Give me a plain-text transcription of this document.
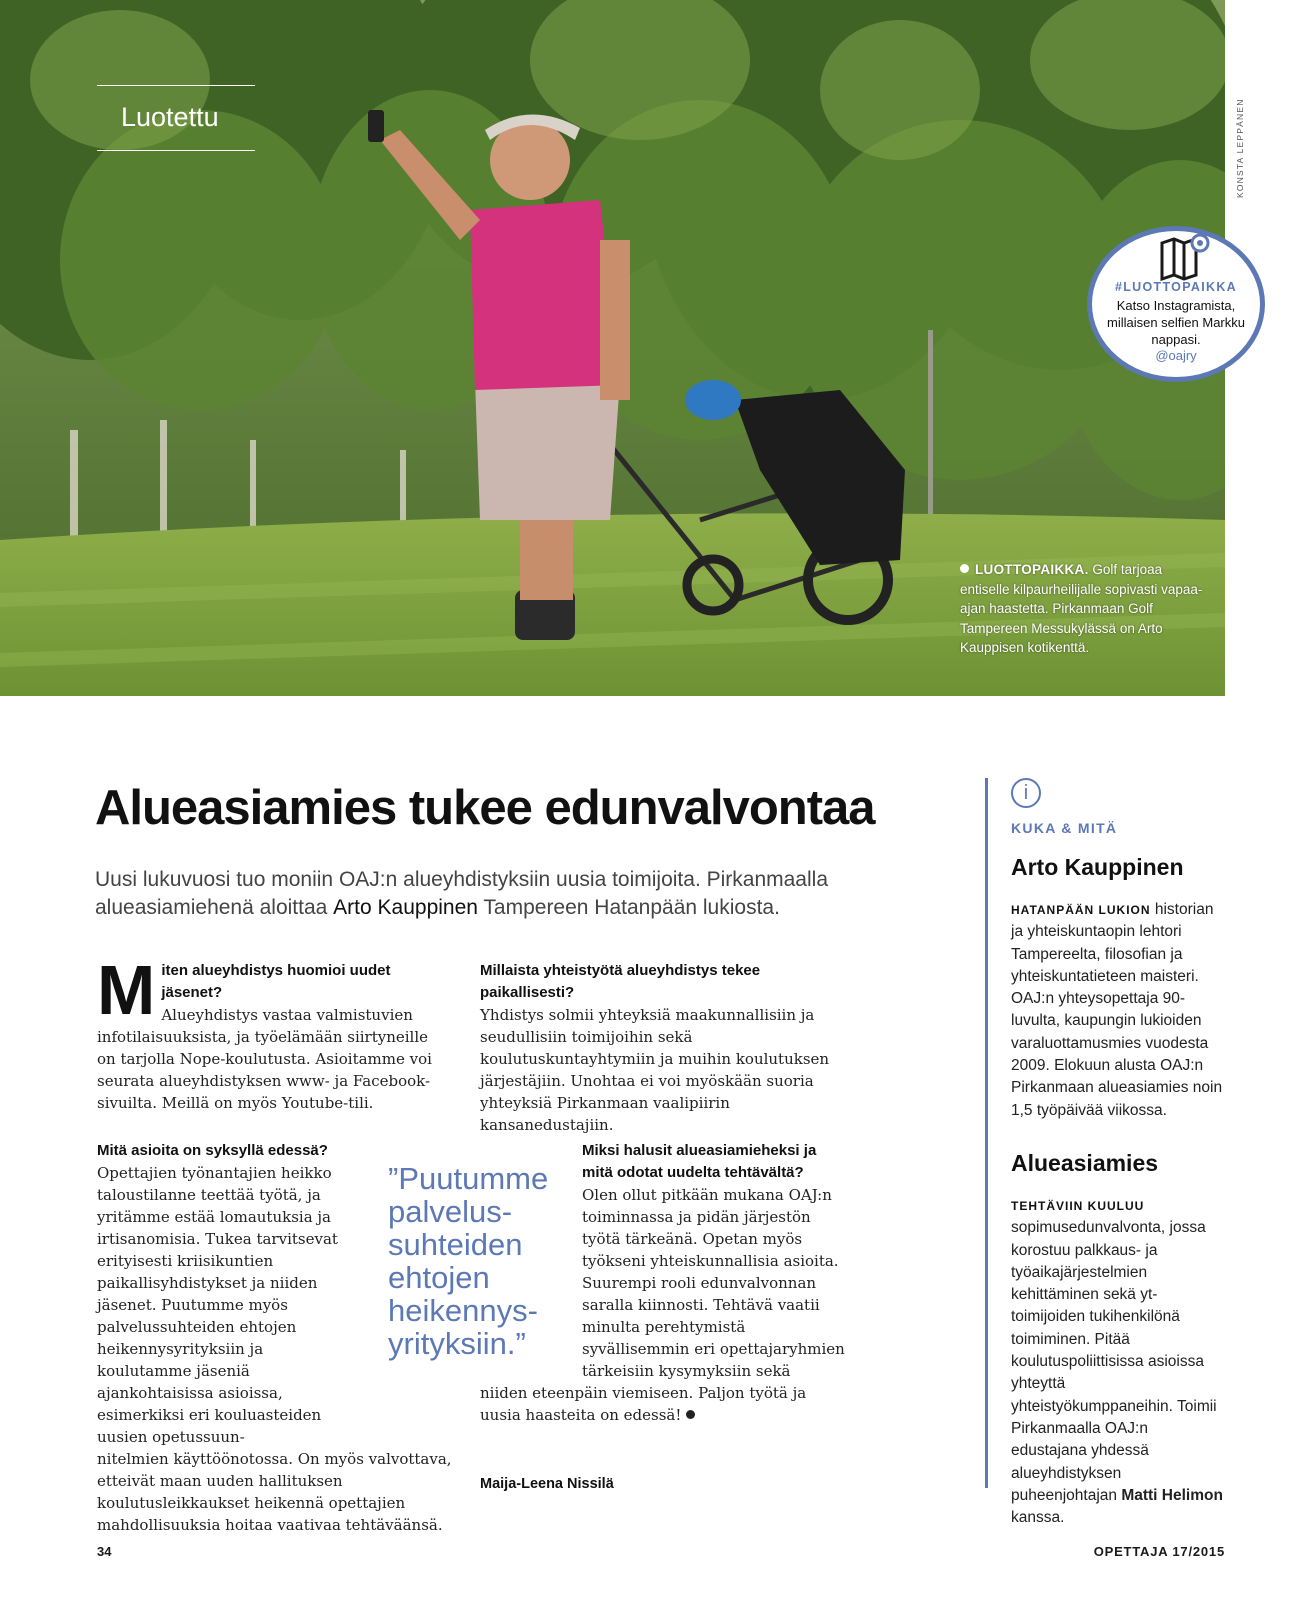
Luotettu
LUOTTOPAIKKA. Golf tarjoaa entiselle kilpaurheilijalle sopivasti vapaa-ajan haastetta. Pirkanmaan Golf Tampereen Messukylässä on Arto Kauppisen kotikenttä.
KONSTA LEPPÄNEN
#LUOTTOPAIKKA
Katso Instagramista, millaisen selfien Markku nappasi.
@oajry
Alueasiamies tukee edunvalvontaa

Uusi lukuvuosi tuo moniin OAJ:n alueyhdistyksiin uusia toimijoita. Pirkanmaalla alueasiamiehenä aloittaa Arto Kauppinen Tampereen Hatanpään lukiosta.

M iten alueyhdistys huomioi uudet jäsenet?
Alueyhdistys vastaa valmistuvien infotilaisuuksista, ja työelämään siirtyneille on tarjolla Nope-koulutusta. Asioitamme voi seurata alueyhdistyksen www- ja Facebook-sivuilta. Meillä on myös Youtube-tili.
Millaista yhteistyötä alueyhdistys tekee paikallisesti?
Yhdistys solmii yhteyksiä maakunnallisiin ja seudullisiin toimijoihin sekä koulutuskuntayhtymiin ja muihin koulutuksen järjestäjiin. Unohtaa ei voi myöskään suoria yhteyksiä Pirkanmaan vaalipiirin kansanedustajiin.
Mitä asioita on syksyllä edessä?
Opettajien työnantajien heikko taloustilanne teettää työtä, ja yritämme estää lomautuksia ja irtisanomisia. Tukea tarvitsevat erityisesti kriisikuntien paikallisyhdistykset ja niiden jäsenet. Puutumme myös palvelussuhteiden ehtojen heikennysyrityksiin ja koulutamme jäseniä ajankohtaisissa asioissa, esimerkiksi eri kouluasteiden uusien opetussuun-
nitelmien käyttöönotossa. On myös valvottava, etteivät maan uuden hallituksen koulutusleikkaukset heikennä opettajien mahdollisuuksia hoitaa vaativaa tehtäväänsä.
”Puutumme palvelus-suhteiden ehtojen heikennys-yrityksiin.”
Miksi halusit alueasiamieheksi ja mitä odotat uudelta tehtävältä?
Olen ollut pitkään mukana OAJ:n toiminnassa ja pidän järjestön työtä tärkeänä. Opetan myös työkseni yhteiskunnallisia asioita. Suurempi rooli edunvalvonnan saralla kiinnosti. Tehtävä vaatii minulta perehtymistä syvällisemmin eri opettajaryhmien tärkeisiin kysymyksiin sekä
niiden eteenpäin viemiseen. Paljon työtä ja uusia haasteita on edessä!
Maija-Leena Nissilä
i
KUKA & MITÄ
Arto Kauppinen

HATANPÄÄN LUKION historian ja yhteiskuntaopin lehtori Tampereelta, filosofian ja yhteiskuntatieteen maisteri. OAJ:n yhteysopettaja 90-luvulta, kaupungin lukioiden varaluottamusmies vuodesta 2009. Elokuun alusta OAJ:n Pirkanmaan alueasiamies noin 1,5 työpäivää viikossa.

Alueasiamies

TEHTÄVIIN KUULUU sopimusedunvalvonta, jossa korostuu palkkaus- ja työaikajärjestelmien kehittäminen sekä yt-toimijoiden tukihenkilönä toimiminen. Pitää koulutuspoliittisissa asioissa yhteyttä yhteistyökumppaneihin. Toimii Pirkanmaalla OAJ:n edustajana yhdessä alueyhdistyksen puheenjohtajan Matti Helimon kanssa.

34	OPETTAJA 17/2015
